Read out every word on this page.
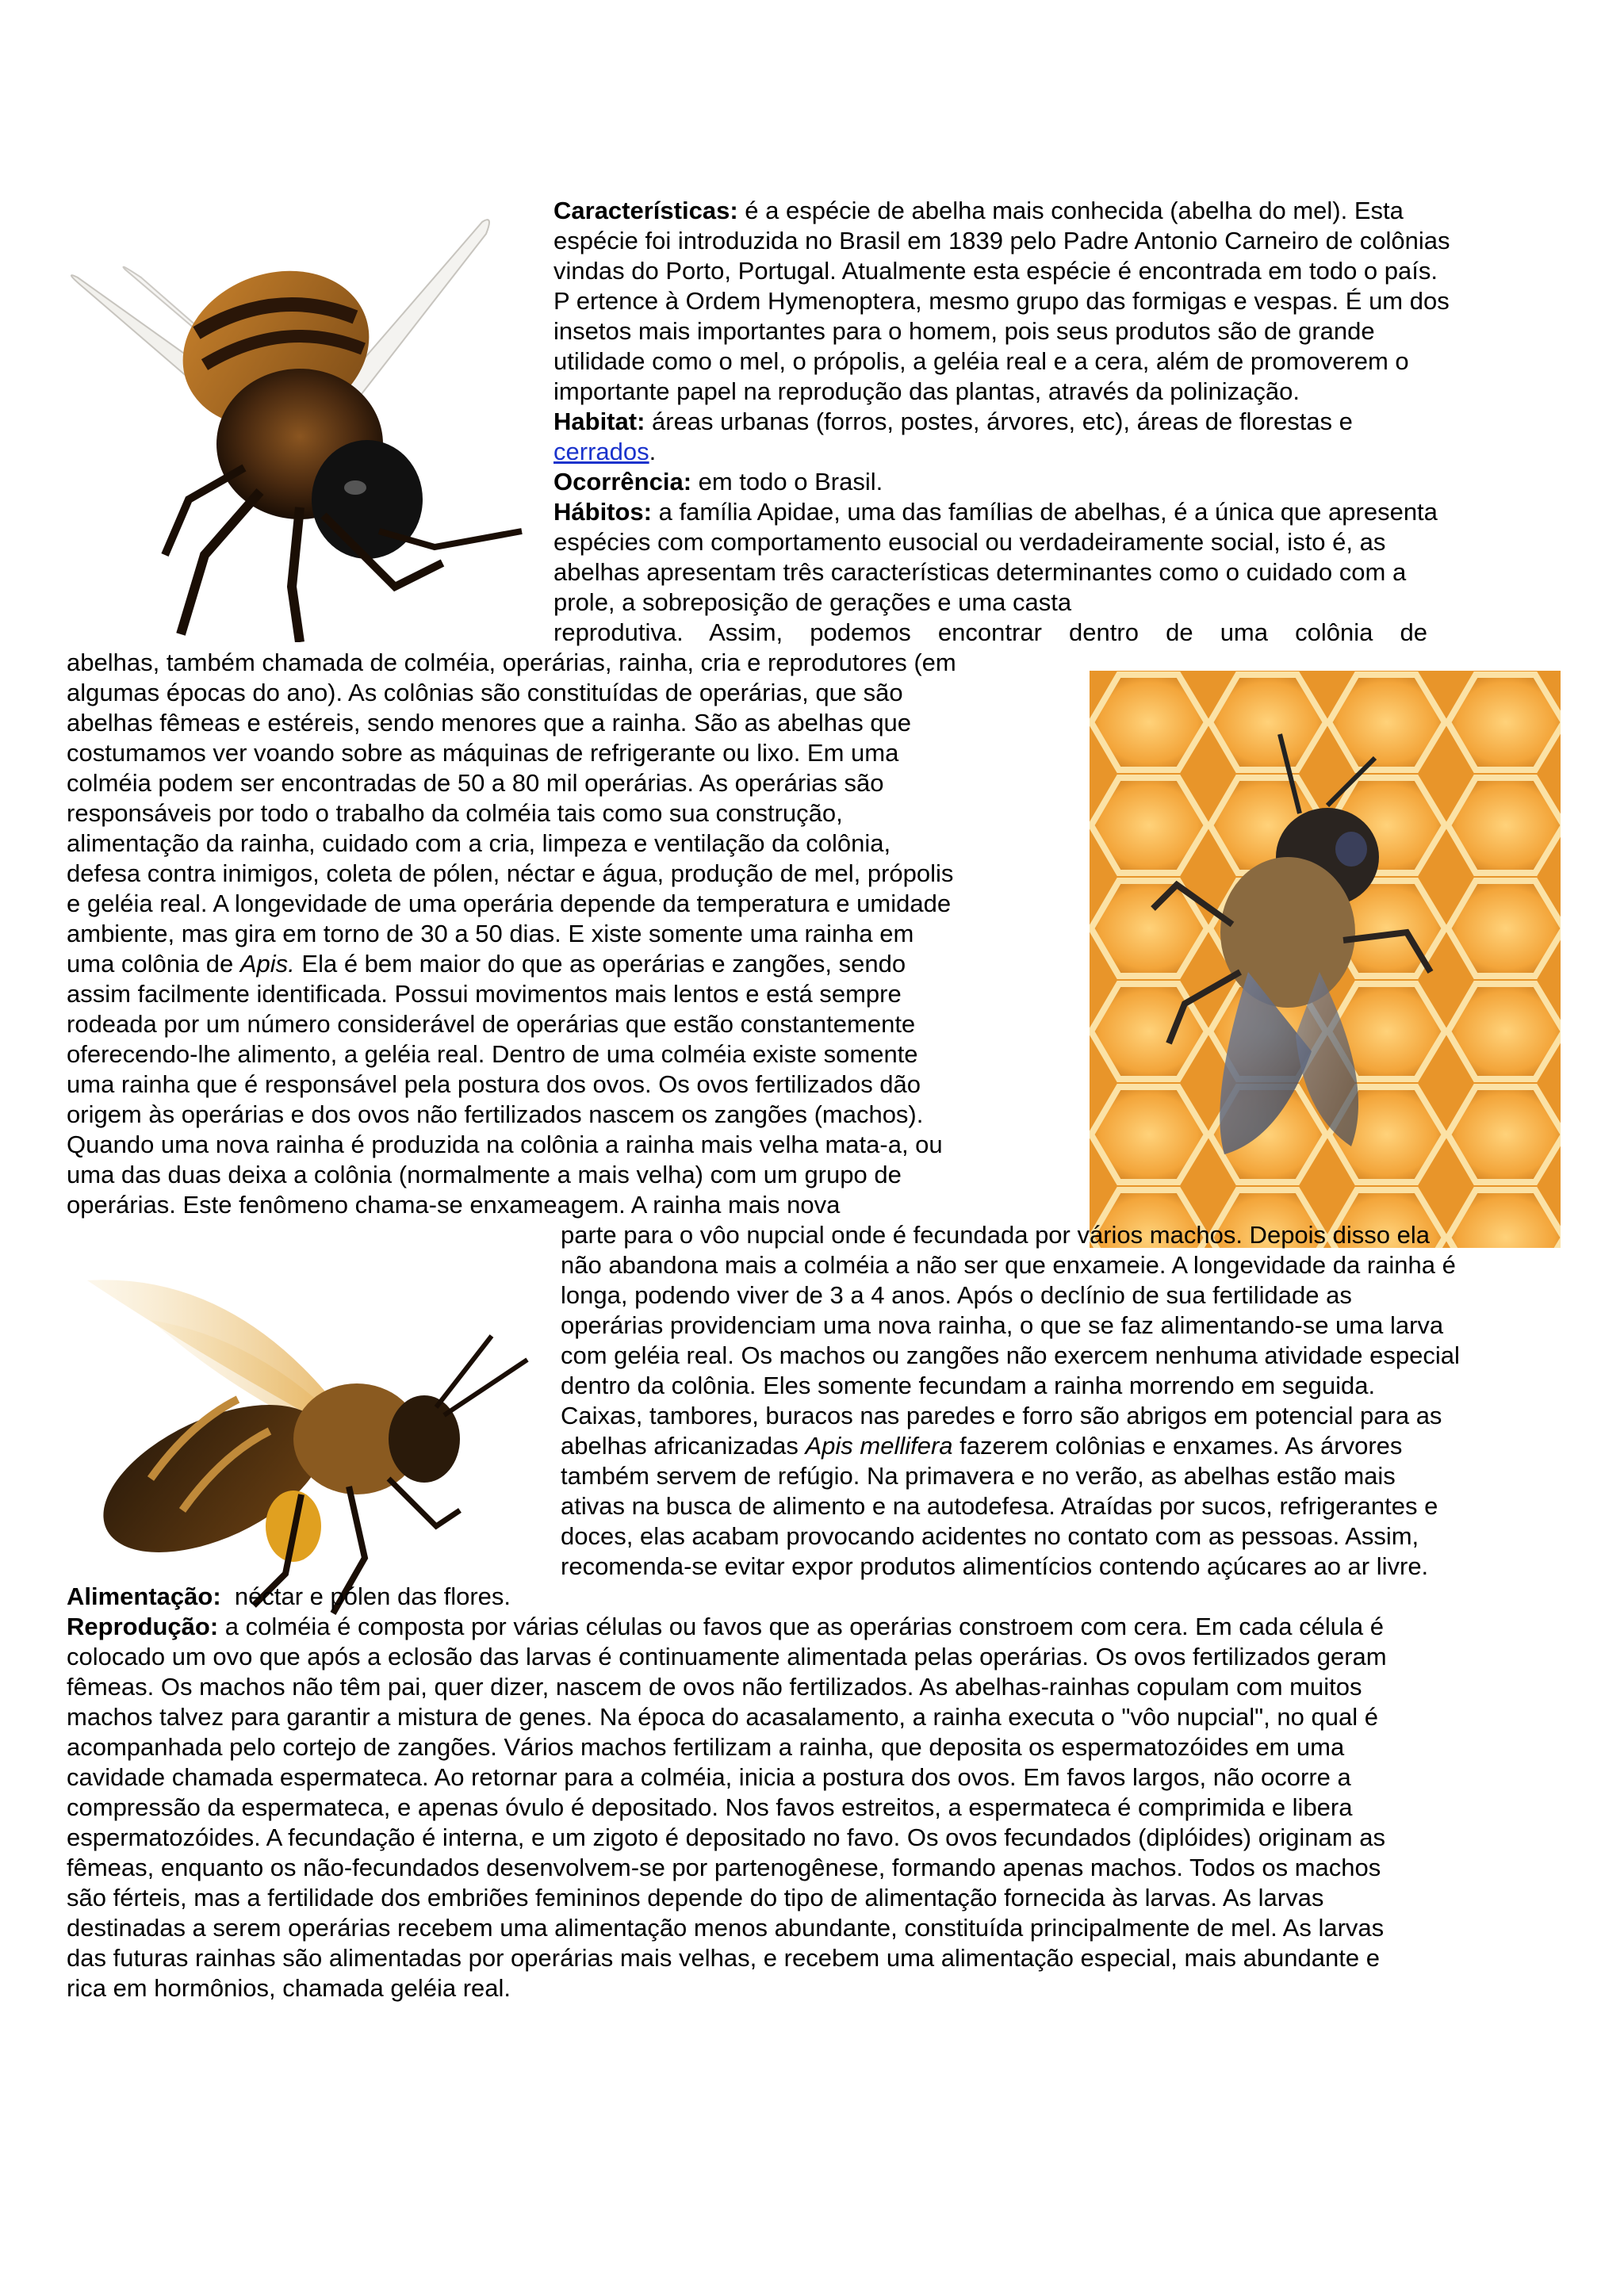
Características: é a espécie de abelha mais conhecida (abelha do mel). Esta
espécie foi introduzida no Brasil em 1839 pelo Padre Antonio Carneiro de colônias
vindas do Porto, Portugal. Atualmente esta espécie é encontrada em todo o país.
P ertence à Ordem Hymenoptera, mesmo grupo das formigas e vespas. É um dos
insetos mais importantes para o homem, pois seus produtos são de grande
utilidade como o mel, o própolis, a geléia real e a cera, além de promoverem o
importante papel na reprodução das plantas, através da polinização.
Habitat: áreas urbanas (forros, postes, árvores, etc), áreas de florestas e
cerrados.
Ocorrência: em todo o Brasil.
Hábitos: a família Apidae, uma das famílias de abelhas, é a única que apresenta
espécies com comportamento eusocial ou verdadeiramente social, isto é, as
abelhas apresentam três características determinantes como o cuidado com a
prole, a sobreposição de gerações e uma casta
reprodutiva. Assim, podemos encontrar dentro de uma colônia de
abelhas, também chamada de colméia, operárias, rainha, cria e reprodutores (em
algumas épocas do ano). As colônias são constituídas de operárias, que são
abelhas fêmeas e estéreis, sendo menores que a rainha. São as abelhas que
costumamos ver voando sobre as máquinas de refrigerante ou lixo. Em uma
colméia podem ser encontradas de 50 a 80 mil operárias. As operárias são
responsáveis por todo o trabalho da colméia tais como sua construção,
alimentação da rainha, cuidado com a cria, limpeza e ventilação da colônia,
defesa contra inimigos, coleta de pólen, néctar e água, produção de mel, própolis
e geléia real. A longevidade de uma operária depende da temperatura e umidade
ambiente, mas gira em torno de 30 a 50 dias. E xiste somente uma rainha em
uma colônia de Apis. Ela é bem maior do que as operárias e zangões, sendo
assim facilmente identificada. Possui movimentos mais lentos e está sempre
rodeada por um número considerável de operárias que estão constantemente
oferecendo-lhe alimento, a geléia real. Dentro de uma colméia existe somente
uma rainha que é responsável pela postura dos ovos. Os ovos fertilizados dão
origem às operárias e dos ovos não fertilizados nascem os zangões (machos).
Quando uma nova rainha é produzida na colônia a rainha mais velha mata-a, ou
uma das duas deixa a colônia (normalmente a mais velha) com um grupo de
operárias. Este fenômeno chama-se enxameagem. A rainha mais nova
parte para o vôo nupcial onde é fecundada por vários machos. Depois disso ela
não abandona mais a colméia a não ser que enxameie. A longevidade da rainha é
longa, podendo viver de 3 a 4 anos. Após o declínio de sua fertilidade as
operárias providenciam uma nova rainha, o que se faz alimentando-se uma larva
com geléia real. Os machos ou zangões não exercem nenhuma atividade especial
dentro da colônia. Eles somente fecundam a rainha morrendo em seguida.
Caixas, tambores, buracos nas paredes e forro são abrigos em potencial para as
abelhas africanizadas Apis mellifera fazerem colônias e enxames. As árvores
também servem de refúgio. Na primavera e no verão, as abelhas estão mais
ativas na busca de alimento e na autodefesa. Atraídas por sucos, refrigerantes e
doces, elas acabam provocando acidentes no contato com as pessoas. Assim,
recomenda-se evitar expor produtos alimentícios contendo açúcares ao ar livre.
Alimentação:  néctar e pólen das flores.
Reprodução: a colméia é composta por várias células ou favos que as operárias constroem com cera. Em cada célula é
colocado um ovo que após a eclosão das larvas é continuamente alimentada pelas operárias. Os ovos fertilizados geram
fêmeas. Os machos não têm pai, quer dizer, nascem de ovos não fertilizados. As abelhas-rainhas copulam com muitos
machos talvez para garantir a mistura de genes. Na época do acasalamento, a rainha executa o "vôo nupcial", no qual é
acompanhada pelo cortejo de zangões. Vários machos fertilizam a rainha, que deposita os espermatozóides em uma
cavidade chamada espermateca. Ao retornar para a colméia, inicia a postura dos ovos. Em favos largos, não ocorre a
compressão da espermateca, e apenas óvulo é depositado. Nos favos estreitos, a espermateca é comprimida e libera
espermatozóides. A fecundação é interna, e um zigoto é depositado no favo. Os ovos fecundados (diplóides) originam as
fêmeas, enquanto os não-fecundados desenvolvem-se por partenogênese, formando apenas machos. Todos os machos
são férteis, mas a fertilidade dos embriões femininos depende do tipo de alimentação fornecida às larvas. As larvas
destinadas a serem operárias recebem uma alimentação menos abundante, constituída principalmente de mel. As larvas
das futuras rainhas são alimentadas por operárias mais velhas, e recebem uma alimentação especial, mais abundante e
rica em hormônios, chamada geléia real.
